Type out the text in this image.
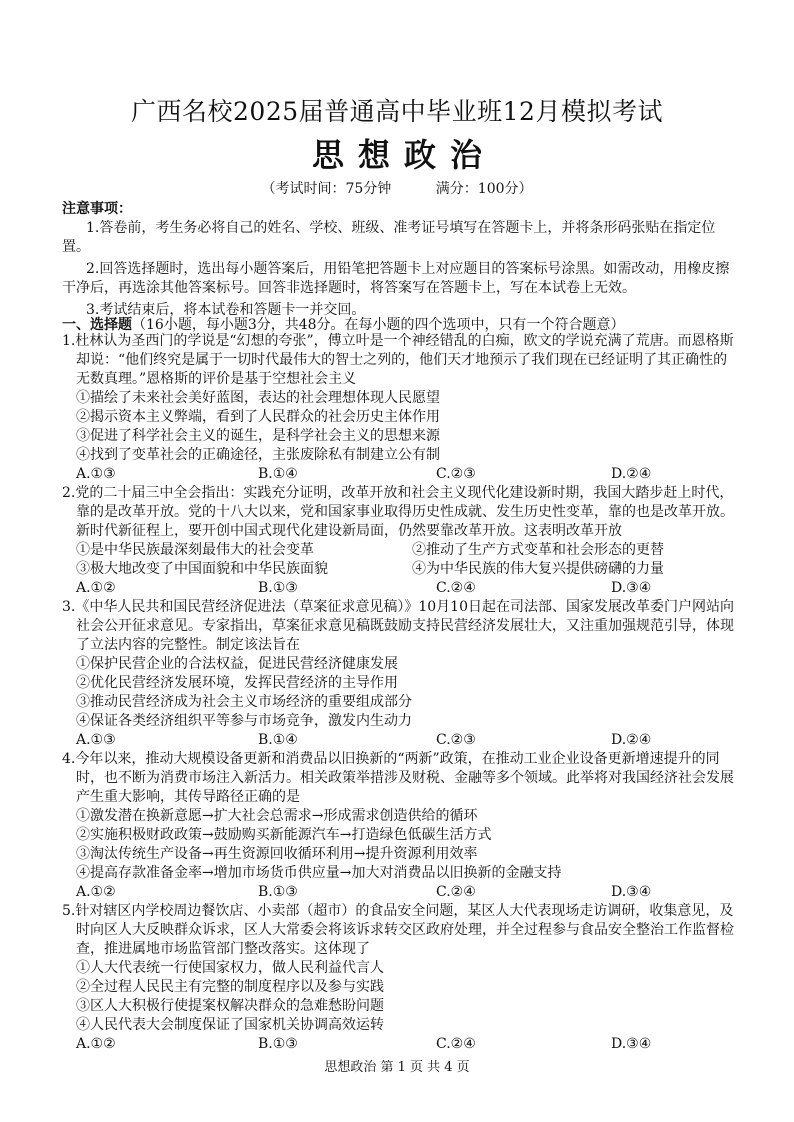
广西名校2025届普通高中毕业班12月模拟考试
思想政治
（考试时间：75分钟          满分：100分）
注意事项：

1.答卷前，考生务必将自己的姓名、学校、班级、准考证号填写在答题卡上，并将条形码张贴在指定位置。

2.回答选择题时，选出每小题答案后，用铅笔把答题卡上对应题目的答案标号涂黑。如需改动，用橡皮擦干净后，再选涂其他答案标号。回答非选择题时，将答案写在答题卡上，写在本试卷上无效。

3.考试结束后，将本试卷和答题卡一并交回。

一、选择题（16小题，每小题3分，共48分。在每小题的四个选项中，只有一个符合题意）
1.杜林认为圣西门的学说是“幻想的夸张”，傅立叶是一个神经错乱的白痴，欧文的学说充满了荒唐。而恩格斯却说：“他们终究是属于一切时代最伟大的智士之列的，他们天才地预示了我们现在已经证明了其正确性的无数真理。”恩格斯的评价是基于空想社会主义
①描绘了未来社会美好蓝图，表达的社会理想体现人民愿望
②揭示资本主义弊端，看到了人民群众的社会历史主体作用
③促进了科学社会主义的诞生，是科学社会主义的思想来源
④找到了变革社会的正确途径，主张废除私有制建立公有制
A.①③	B.①④	C.②③	D.②④
2.党的二十届三中全会指出：实践充分证明，改革开放和社会主义现代化建设新时期，我国大踏步赶上时代，靠的是改革开放。党的十八大以来，党和国家事业取得历史性成就、发生历史性变革，靠的也是改革开放。新时代新征程上，要开创中国式现代化建设新局面，仍然要靠改革开放。这表明改革开放
①是中华民族最深刻最伟大的社会变革	②推动了生产方式变革和社会形态的更替
③极大地改变了中国面貌和中华民族面貌	④为中华民族的伟大复兴提供磅礴的力量
A.①②	B.①③	C.②④	D.③④
3.《中华人民共和国民营经济促进法（草案征求意见稿）》10月10日起在司法部、国家发展改革委门户网站向社会公开征求意见。专家指出，草案征求意见稿既鼓励支持民营经济发展壮大，又注重加强规范引导，体现了立法内容的完整性。制定该法旨在
①保护民营企业的合法权益，促进民营经济健康发展
②优化民营经济发展环境，发挥民营经济的主导作用
③推动民营经济成为社会主义市场经济的重要组成部分
④保证各类经济组织平等参与市场竞争，激发内生动力
A.①③	B.①④	C.②③	D.②④
4.今年以来，推动大规模设备更新和消费品以旧换新的“两新”政策，在推动工业企业设备更新增速提升的同时，也不断为消费市场注入新活力。相关政策举措涉及财税、金融等多个领域。此举将对我国经济社会发展产生重大影响，其传导路径正确的是
①激发潜在换新意愿→扩大社会总需求→形成需求创造供给的循环
②实施积极财政政策→鼓励购买新能源汽车→打造绿色低碳生活方式
③淘汰传统生产设备→再生资源回收循环利用→提升资源利用效率
④提高存款准备金率→增加市场货币供应量→加大对消费品以旧换新的金融支持
A.①②	B.①③	C.②④	D.③④
5.针对辖区内学校周边餐饮店、小卖部（超市）的食品安全问题，某区人大代表现场走访调研，收集意见，及时向区人大反映群众诉求，区人大常委会将该诉求转交区政府处理，并全过程参与食品安全整治工作监督检查，推进属地市场监管部门整改落实。这体现了
①人大代表统一行使国家权力，做人民利益代言人
②全过程人民民主有完整的制度程序以及参与实践
③区人大积极行使提案权解决群众的急难愁盼问题
④人民代表大会制度保证了国家机关协调高效运转
A.①②	B.①③	C.②④	D.③④
思想政治 第 1 页 共 4 页
